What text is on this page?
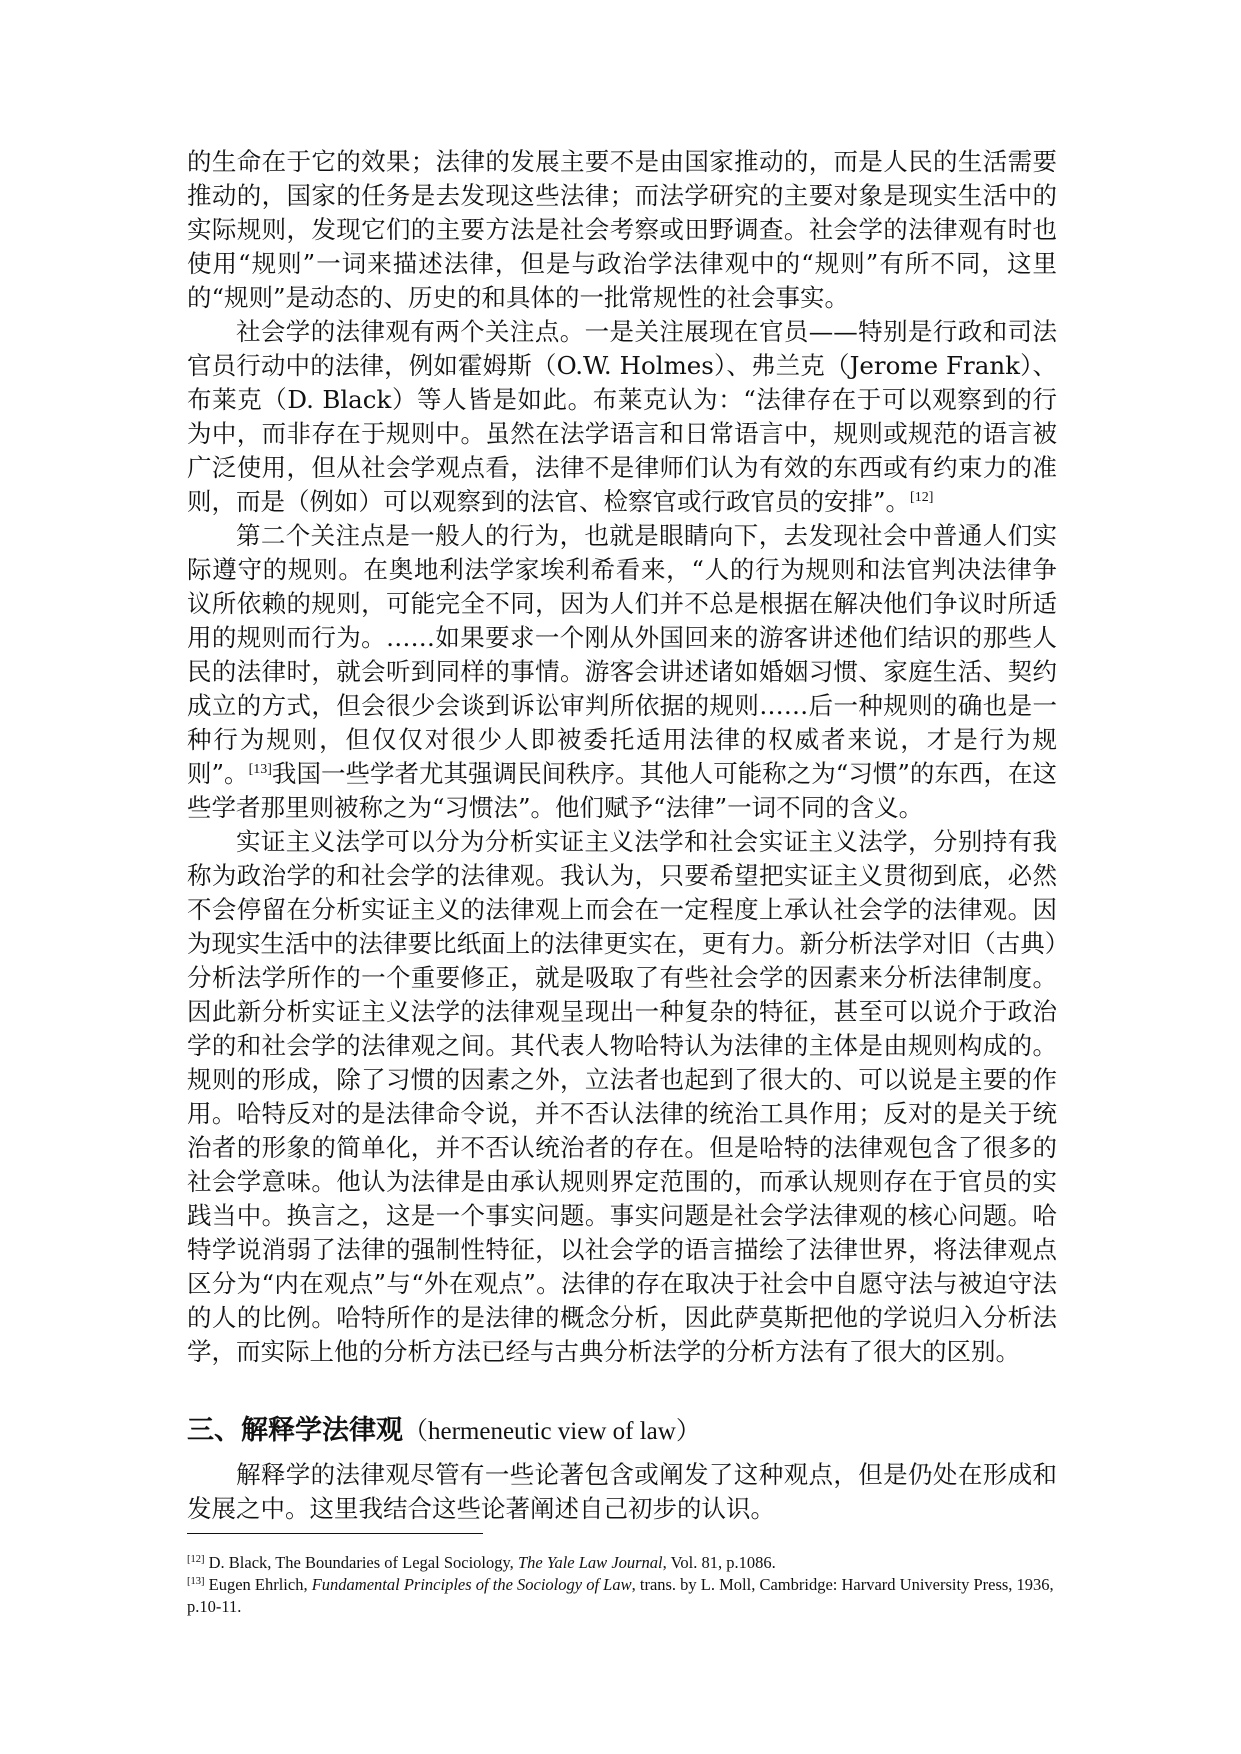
的生命在于它的效果；法律的发展主要不是由国家推动的，而是人民的生活需要推动的，国家的任务是去发现这些法律；而法学研究的主要对象是现实生活中的实际规则，发现它们的主要方法是社会考察或田野调查。社会学的法律观有时也使用“规则”一词来描述法律，但是与政治学法律观中的“规则”有所不同，这里的“规则”是动态的、历史的和具体的一批常规性的社会事实。

社会学的法律观有两个关注点。一是关注展现在官员——特别是行政和司法官员行动中的法律，例如霍姆斯（O.W. Holmes）、弗兰克（Jerome Frank）、布莱克（D. Black）等人皆是如此。布莱克认为：“法律存在于可以观察到的行为中，而非存在于规则中。虽然在法学语言和日常语言中，规则或规范的语言被广泛使用，但从社会学观点看，法律不是律师们认为有效的东西或有约束力的准则，而是（例如）可以观察到的法官、检察官或行政官员的安排”。[12]

第二个关注点是一般人的行为，也就是眼睛向下，去发现社会中普通人们实际遵守的规则。在奥地利法学家埃利希看来，“人的行为规则和法官判决法律争议所依赖的规则，可能完全不同，因为人们并不总是根据在解决他们争议时所适用的规则而行为。……如果要求一个刚从外国回来的游客讲述他们结识的那些人民的法律时，就会听到同样的事情。游客会讲述诸如婚姻习惯、家庭生活、契约成立的方式，但会很少会谈到诉讼审判所依据的规则……后一种规则的确也是一种行为规则，但仅仅对很少人即被委托适用法律的权威者来说，才是行为规则”。[13]我国一些学者尤其强调民间秩序。其他人可能称之为“习惯”的东西，在这些学者那里则被称之为“习惯法”。他们赋予“法律”一词不同的含义。

实证主义法学可以分为分析实证主义法学和社会实证主义法学，分别持有我称为政治学的和社会学的法律观。我认为，只要希望把实证主义贯彻到底，必然不会停留在分析实证主义的法律观上而会在一定程度上承认社会学的法律观。因为现实生活中的法律要比纸面上的法律更实在，更有力。新分析法学对旧（古典）分析法学所作的一个重要修正，就是吸取了有些社会学的因素来分析法律制度。因此新分析实证主义法学的法律观呈现出一种复杂的特征，甚至可以说介于政治学的和社会学的法律观之间。其代表人物哈特认为法律的主体是由规则构成的。规则的形成，除了习惯的因素之外，立法者也起到了很大的、可以说是主要的作用。哈特反对的是法律命令说，并不否认法律的统治工具作用；反对的是关于统治者的形象的简单化，并不否认统治者的存在。但是哈特的法律观包含了很多的社会学意味。他认为法律是由承认规则界定范围的，而承认规则存在于官员的实践当中。换言之，这是一个事实问题。事实问题是社会学法律观的核心问题。哈特学说消弱了法律的强制性特征，以社会学的语言描绘了法律世界，将法律观点区分为“内在观点”与“外在观点”。法律的存在取决于社会中自愿守法与被迫守法的人的比例。哈特所作的是法律的概念分析，因此萨莫斯把他的学说归入分析法学，而实际上他的分析方法已经与古典分析法学的分析方法有了很大的区别。

三、解释学法律观（hermeneutic view of law）

解释学的法律观尽管有一些论著包含或阐发了这种观点，但是仍处在形成和发展之中。这里我结合这些论著阐述自己初步的认识。

[12] D. Black, The Boundaries of Legal Sociology, The Yale Law Journal, Vol. 81, p.1086.

[13] Eugen Ehrlich, Fundamental Principles of the Sociology of Law, trans. by L. Moll, Cambridge: Harvard University Press, 1936, p.10-11.
